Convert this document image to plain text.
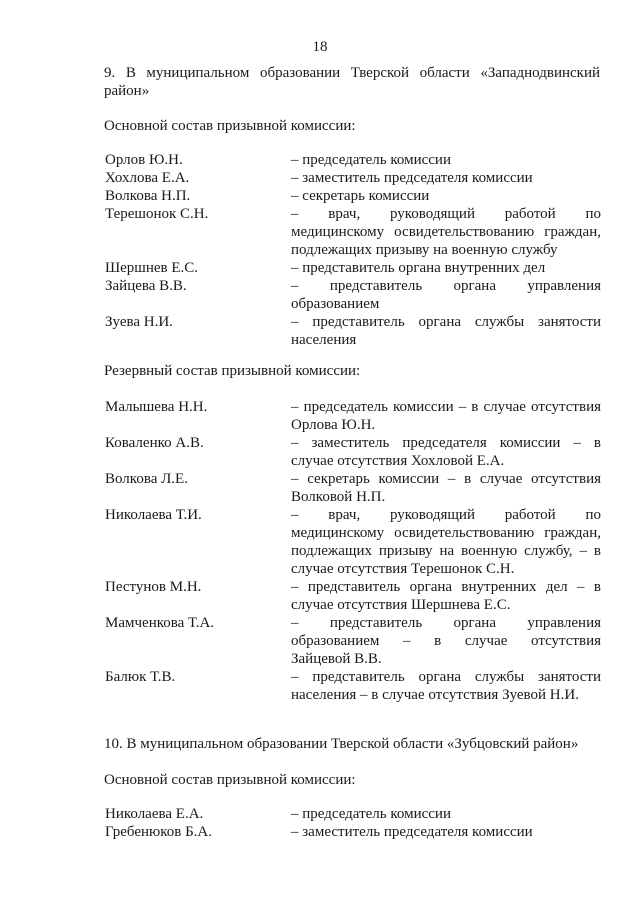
18
9. В муниципальном образовании Тверской области «Западнодвинский
район»
Основной состав призывной комиссии:
Орлов Ю.Н.	– председатель комиссии
Хохлова Е.А.	– заместитель председателя комиссии
Волкова Н.П.	– секретарь комиссии
Терешонок С.Н.	– врач, руководящий работой по
медицинскому освидетельствованию граждан,
подлежащих призыву на военную службу
Шершнев Е.С.	– представитель органа внутренних дел
Зайцева В.В.	– представитель органа управления
образованием
Зуева Н.И.	– представитель органа службы занятости
населения
Резервный состав призывной комиссии:
Малышева Н.Н.	– председатель комиссии – в случае отсутствия
Орлова Ю.Н.
Коваленко А.В.	– заместитель председателя комиссии – в
случае отсутствия Хохловой Е.А.
Волкова Л.Е.	– секретарь комиссии – в случае отсутствия
Волковой Н.П.
Николаева Т.И.	– врач, руководящий работой по
медицинскому освидетельствованию граждан,
подлежащих призыву на военную службу, – в
случае отсутствия Терешонок С.Н.
Пестунов М.Н.	– представитель органа внутренних дел – в
случае отсутствия Шершнева Е.С.
Мамченкова Т.А.	– представитель органа управления
образованием – в случае отсутствия
Зайцевой В.В.
Балюк Т.В.	– представитель органа службы занятости
населения – в случае отсутствия Зуевой Н.И.
10. В муниципальном образовании Тверской области «Зубцовский район»
Основной состав призывной комиссии:
Николаева Е.А.	– председатель комиссии
Гребенюков Б.А.	– заместитель председателя комиссии
